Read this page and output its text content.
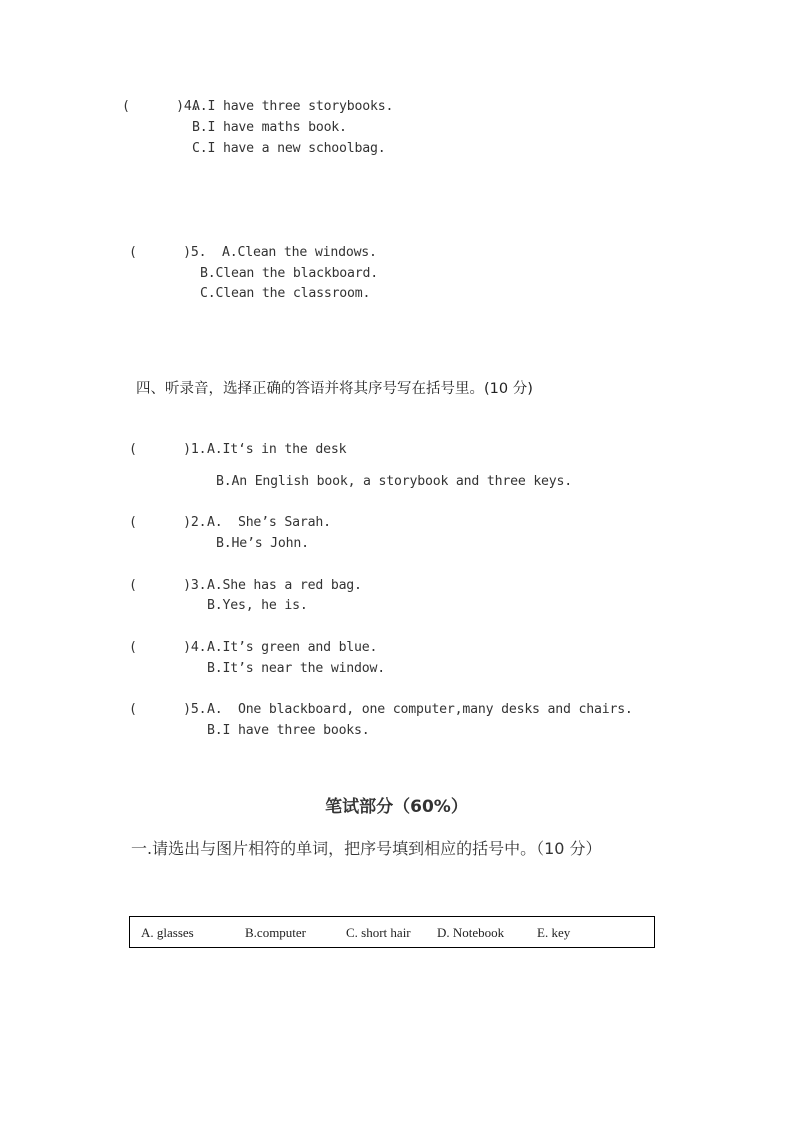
(      )4.
A.I have three storybooks.
B.I have maths book.
C.I have a new schoolbag.
(      )5. A.Clean the windows.
B.Clean the blackboard.
C.Clean the classroom.
四、听录音，选择正确的答语并将其序号写在括号里。(10 分)
(      )1. A.It‘s in the desk
B.An English book, a storybook and three keys.
(      )2. A.  She’s Sarah.
B.He’s John.
(      )3. A.She has a red bag.
B.Yes, he is.
(      )4. A.It’s green and blue.
B.It’s near the window.
(      )5. A.  One blackboard, one computer,many desks and chairs.
B.I have three books.
笔试部分（60%）
一.请选出与图片相符的单词，把序号填到相应的括号中。（10 分）
A. glasses	B.computer	C. short hair D. Notebook	E. key
